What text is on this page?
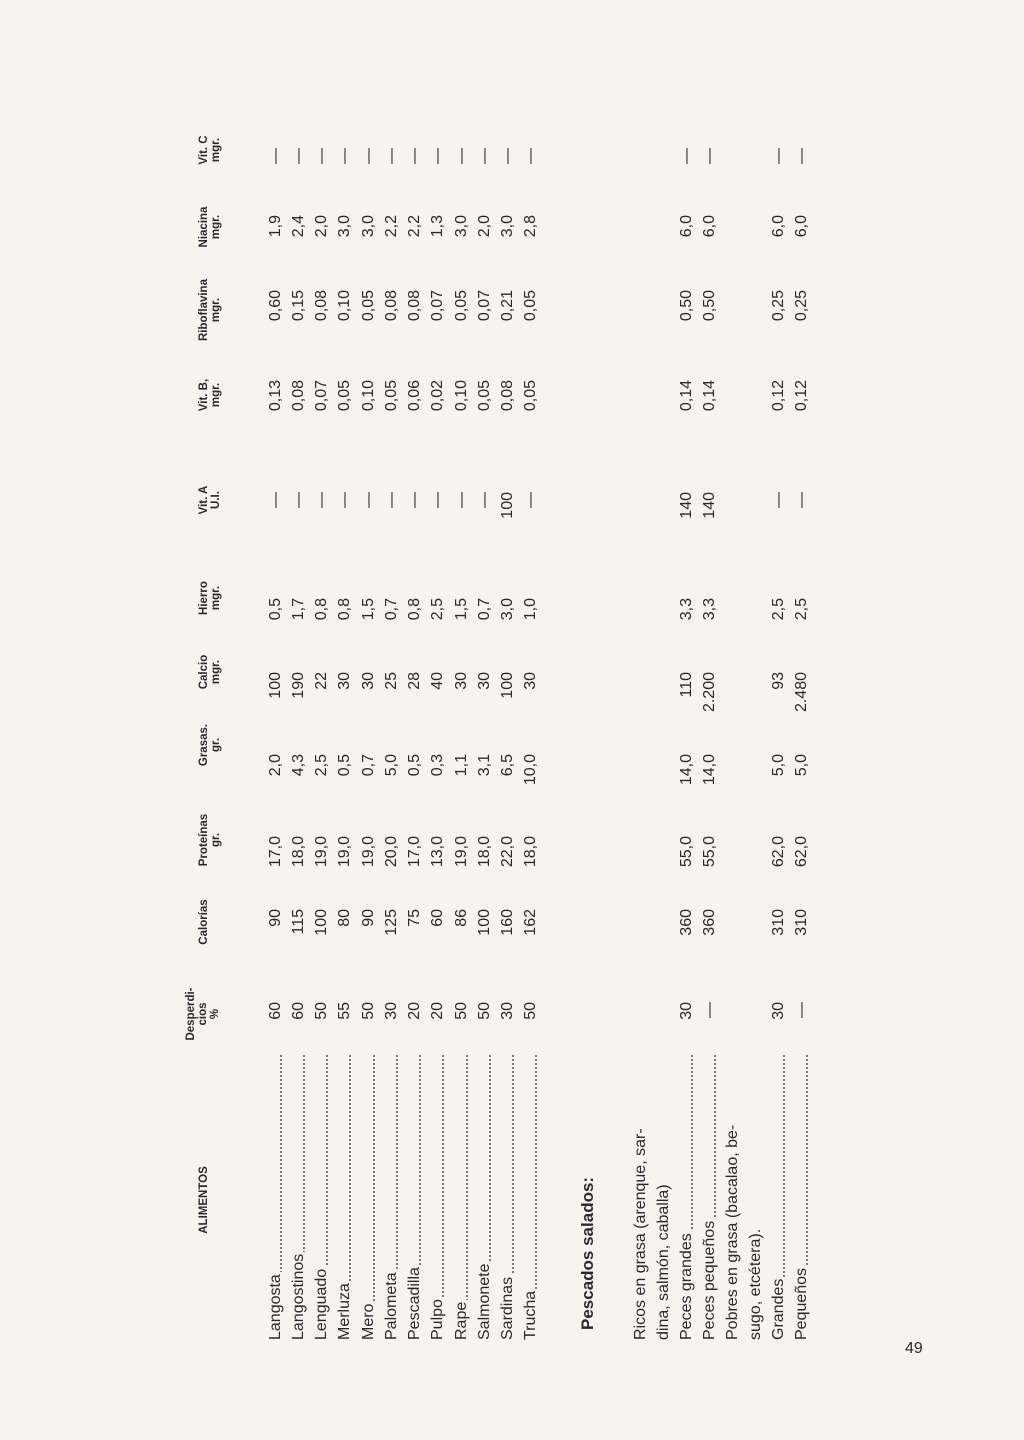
ALIMENTOS
Desperdi- cios %
Calorías
Proteínas gr.
Grasas. gr.
Calcio mgr.
Hierro mgr.
Vit. A U.I.
Vit. B, mgr.
Riboflavina mgr.
Niacina mgr.
Vit. C mgr.
Pescados salados: Ricos en grasa (arenque, sar- dina, salmón, caballa)	Pobres en grasa (bacalao, be- sugo, etcétera).
Langosta
60
90
17,0
2,0
100
0,5
—
0,13
0,60
1,9
—
Langostinos
60
115
18,0
4,3
190
1,7
—
0,08
0,15
2,4
—
Lenguado
50
100
19,0
2,5
22
0,8
—
0,07
0,08
2,0
—
Merluza
55
80
19,0
0,5
30
0,8
—
0,05
0,10
3,0
—
Mero
50
90
19,0
0,7
30
1,5
—
0,10
0,05
3,0
—
Palometa
30
125
20,0
5,0
25
0,7
—
0,05
0,08
2,2
—
Pescadilla
20
75
17,0
0,5
28
0,8
—
0,06
0,08
2,2
—
Pulpo
20
60
13,0
0,3
40
2,5
—
0,02
0,07
1,3
—
Rape
50
86
19,0
1,1
30
1,5
—
0,10
0,05
3,0
—
Salmonete
50
100
18,0
3,1
30
0,7
—
0,05
0,07
2,0
—
Sardinas
30
160
22,0
6,5
100
3,0
100
0,08
0,21
3,0
—
Trucha
50
162
18,0
10,0
30
1,0
—
0,05
0,05
2,8
—
Peces grandes
30
360
55,0
14,0
110
3,3
140
0,14
0,50
6,0
—
Peces pequeños
—
360
55,0
14,0
2.200
3,3
140
0,14
0,50
6,0
—
Grandes
30
310
62,0
5,0
93
2,5
—
0,12
0,25
6,0
—
Pequeños
—
310
62,0
5,0
2.480
2,5
—
0,12
0,25
6,0
—
49
